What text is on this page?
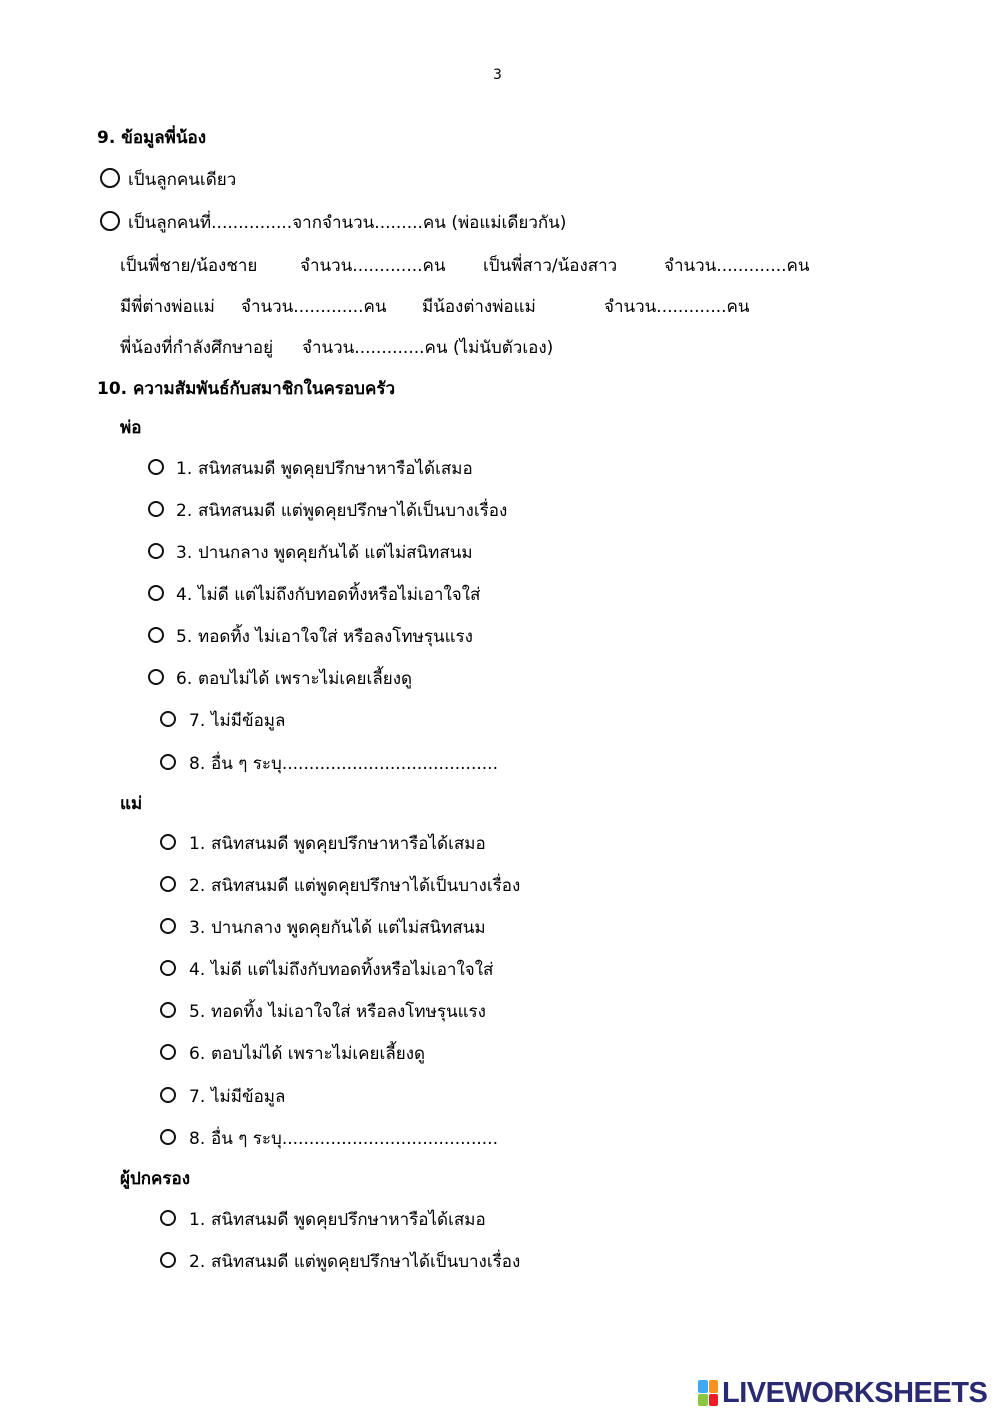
3
9. ข้อมูลพี่น้อง
เป็นลูกคนเดียว
เป็นลูกคนที่...............จากจำนวน.........คน (พ่อแม่เดียวกัน)
เป็นพี่ชาย/น้องชาย	จำนวน.............คน เป็นพี่สาว/น้องสาว	จำนวน.............คน
มีพี่ต่างพ่อแม่ จำนวน.............คน มีน้องต่างพ่อแม่	จำนวน.............คน
พี่น้องที่กำลังศึกษาอยู่ จำนวน.............คน (ไม่นับตัวเอง)
10. ความสัมพันธ์กับสมาชิกในครอบครัว
พ่อ
1. สนิทสนมดี พูดคุยปรึกษาหารือได้เสมอ
2. สนิทสนมดี แต่พูดคุยปรึกษาได้เป็นบางเรื่อง
3. ปานกลาง พูดคุยกันได้ แต่ไม่สนิทสนม
4. ไม่ดี แต่ไม่ถึงกับทอดทิ้งหรือไม่เอาใจใส่
5. ทอดทิ้ง ไม่เอาใจใส่ หรือลงโทษรุนแรง
6. ตอบไม่ได้ เพราะไม่เคยเลี้ยงดู
7. ไม่มีข้อมูล
8. อื่น ๆ ระบุ........................................
แม่
1. สนิทสนมดี พูดคุยปรึกษาหารือได้เสมอ
2. สนิทสนมดี แต่พูดคุยปรึกษาได้เป็นบางเรื่อง
3. ปานกลาง พูดคุยกันได้ แต่ไม่สนิทสนม
4. ไม่ดี แต่ไม่ถึงกับทอดทิ้งหรือไม่เอาใจใส่
5. ทอดทิ้ง ไม่เอาใจใส่ หรือลงโทษรุนแรง
6. ตอบไม่ได้ เพราะไม่เคยเลี้ยงดู
7. ไม่มีข้อมูล
8. อื่น ๆ ระบุ........................................
ผู้ปกครอง
1. สนิทสนมดี พูดคุยปรึกษาหารือได้เสมอ
2. สนิทสนมดี แต่พูดคุยปรึกษาได้เป็นบางเรื่อง
LIVEWORKSHEETS
